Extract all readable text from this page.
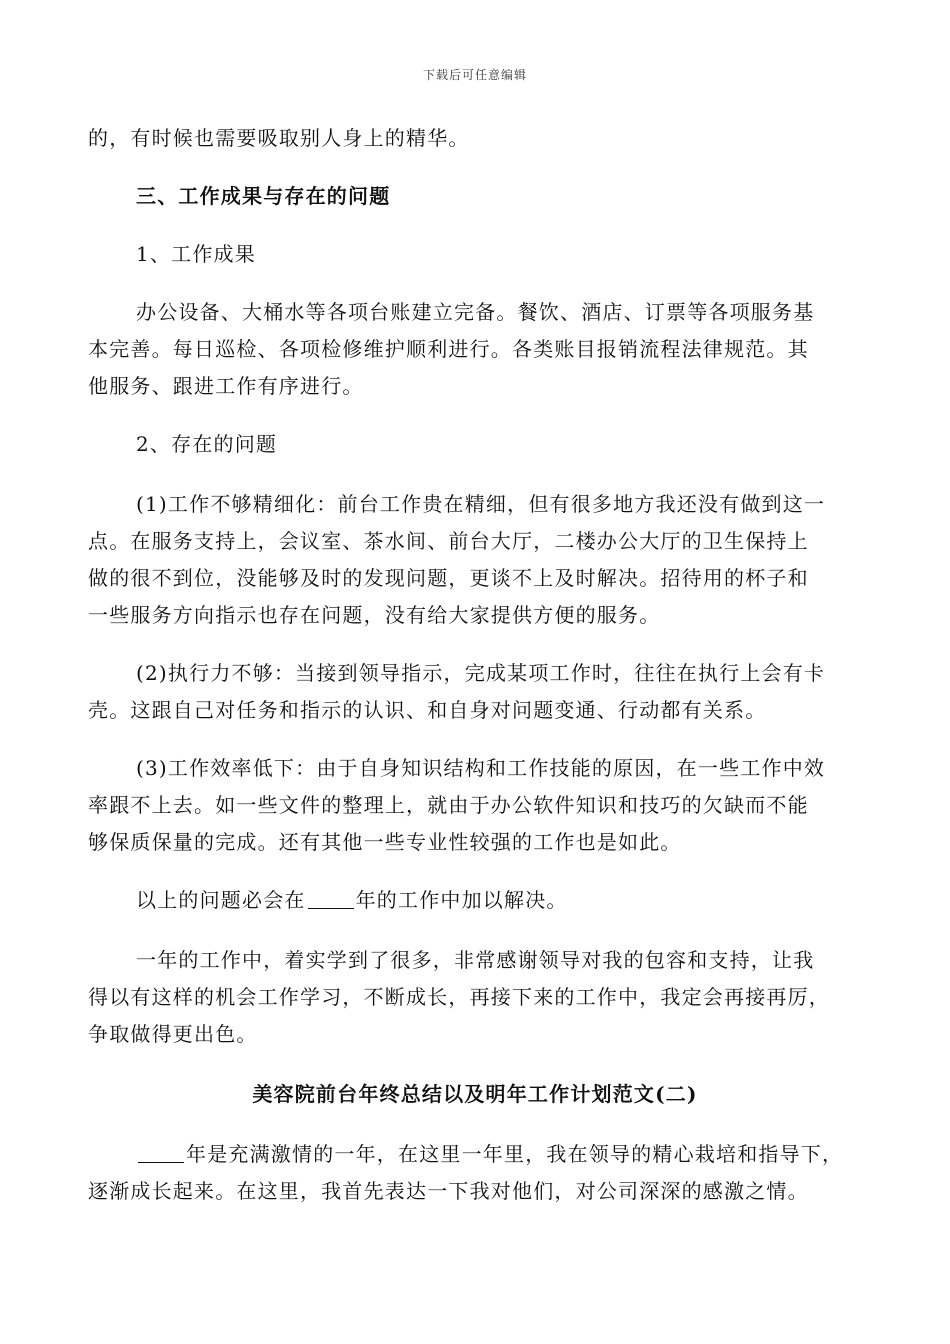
下载后可任意编辑
的，有时候也需要吸取别人身上的精华。
三、工作成果与存在的问题
1、工作成果
办公设备、大桶水等各项台账建立完备。餐饮、酒店、订票等各项服务基
本完善。每日巡检、各项检修维护顺利进行。各类账目报销流程法律规范。其
他服务、跟进工作有序进行。
2、存在的问题
(1)工作不够精细化：前台工作贵在精细，但有很多地方我还没有做到这一
点。在服务支持上，会议室、茶水间、前台大厅，二楼办公大厅的卫生保持上
做的很不到位，没能够及时的发现问题，更谈不上及时解决。招待用的杯子和
一些服务方向指示也存在问题，没有给大家提供方便的服务。
(2)执行力不够：当接到领导指示，完成某项工作时，往往在执行上会有卡
壳。这跟自己对任务和指示的认识、和自身对问题变通、行动都有关系。
(3)工作效率低下：由于自身知识结构和工作技能的原因，在一些工作中效
率跟不上去。如一些文件的整理上，就由于办公软件知识和技巧的欠缺而不能
够保质保量的完成。还有其他一些专业性较强的工作也是如此。
以上的问题必会在	年的工作中加以解决。
一年的工作中，着实学到了很多，非常感谢领导对我的包容和支持，让我
得以有这样的机会工作学习，不断成长，再接下来的工作中，我定会再接再厉，
争取做得更出色。
美容院前台年终总结以及明年工作计划范文(二)
年是充满激情的一年，在这里一年里，我在领导的精心栽培和指导下，
逐渐成长起来。在这里，我首先表达一下我对他们，对公司深深的感激之情。
